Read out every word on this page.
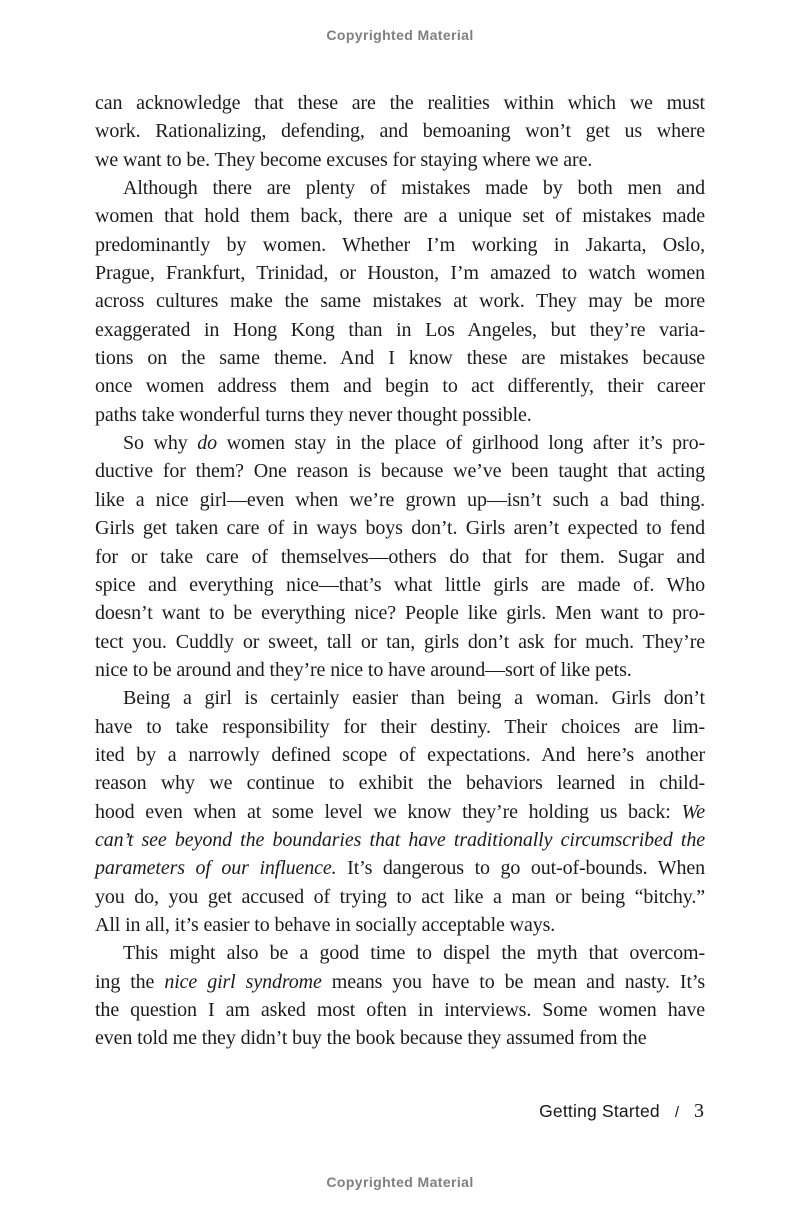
Copyrighted Material
can acknowledge that these are the realities within which we must
work. Rationalizing, defending, and bemoaning won’t get us where
we want to be. They become excuses for staying where we are.
Although there are plenty of mistakes made by both men and
women that hold them back, there are a unique set of mistakes made
predominantly by women. Whether I’m working in Jakarta, Oslo,
Prague, Frankfurt, Trinidad, or Houston, I’m amazed to watch women
across cultures make the same mistakes at work. They may be more
exaggerated in Hong Kong than in Los Angeles, but they’re varia-
tions on the same theme. And I know these are mistakes because
once women address them and begin to act differently, their career
paths take wonderful turns they never thought possible.
So why do women stay in the place of girlhood long after it’s pro-
ductive for them? One reason is because we’ve been taught that acting
like a nice girl—even when we’re grown up—isn’t such a bad thing.
Girls get taken care of in ways boys don’t. Girls aren’t expected to fend
for or take care of themselves—others do that for them. Sugar and
spice and everything nice—that’s what little girls are made of. Who
doesn’t want to be everything nice? People like girls. Men want to pro-
tect you. Cuddly or sweet, tall or tan, girls don’t ask for much. They’re
nice to be around and they’re nice to have around—sort of like pets.
Being a girl is certainly easier than being a woman. Girls don’t
have to take responsibility for their destiny. Their choices are lim-
ited by a narrowly defined scope of expectations. And here’s another
reason why we continue to exhibit the behaviors learned in child-
hood even when at some level we know they’re holding us back: We
can’t see beyond the boundaries that have traditionally circumscribed the
parameters of our influence. It’s dangerous to go out-of-bounds. When
you do, you get accused of trying to act like a man or being “bitchy.”
All in all, it’s easier to behave in socially acceptable ways.
This might also be a good time to dispel the myth that overcom-
ing the nice girl syndrome means you have to be mean and nasty. It’s
the question I am asked most often in interviews. Some women have
even told me they didn’t buy the book because they assumed from the
Getting Started / 3
Copyrighted Material
